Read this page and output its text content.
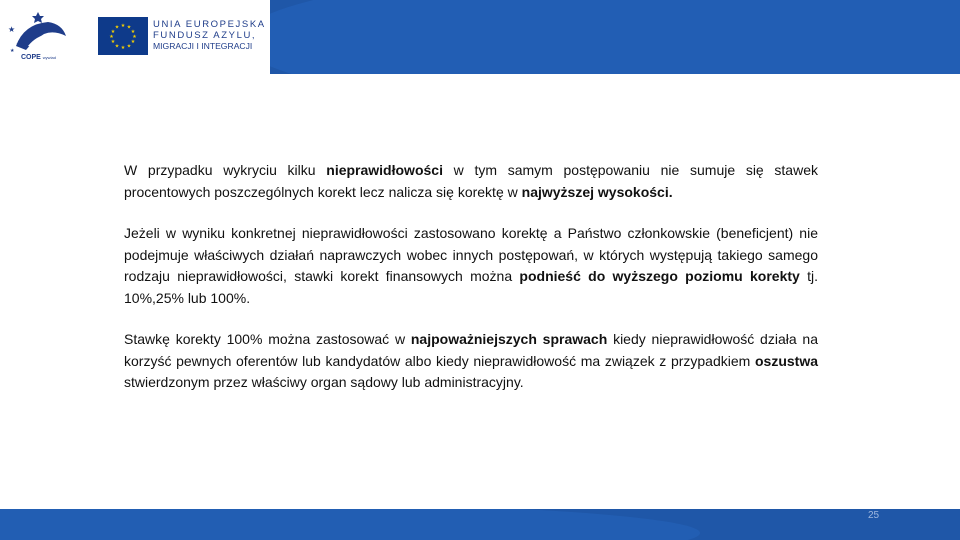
★
★
★
COPE wywiad
★ ★
★
★
★
★
★
★
★
★
★
★	UNIA EUROPEJSKA
FUNDUSZ AZYLU,
MIGRACJI I INTEGRACJI

W przypadku wykryciu kilku nieprawidłowości w tym samym postępowaniu nie sumuje się stawek procentowych poszczególnych korekt lecz nalicza się korektę w najwyższej wysokości.

Jeżeli w wyniku konkretnej nieprawidłowości zastosowano korektę a Państwo członkowskie (beneficjent) nie podejmuje właściwych działań naprawczych wobec innych postępowań, w których występują takiego samego rodzaju nieprawidłowości, stawki korekt finansowych można podnieść do wyższego poziomu korekty tj. 10%,25% lub 100%.

Stawkę korekty 100% można zastosować w najpoważniejszych sprawach kiedy nieprawidłowość działa na korzyść pewnych oferentów lub kandydatów albo kiedy nieprawidłowość ma związek z przypadkiem oszustwa stwierdzonym przez właściwy organ sądowy lub administracyjny.

25
